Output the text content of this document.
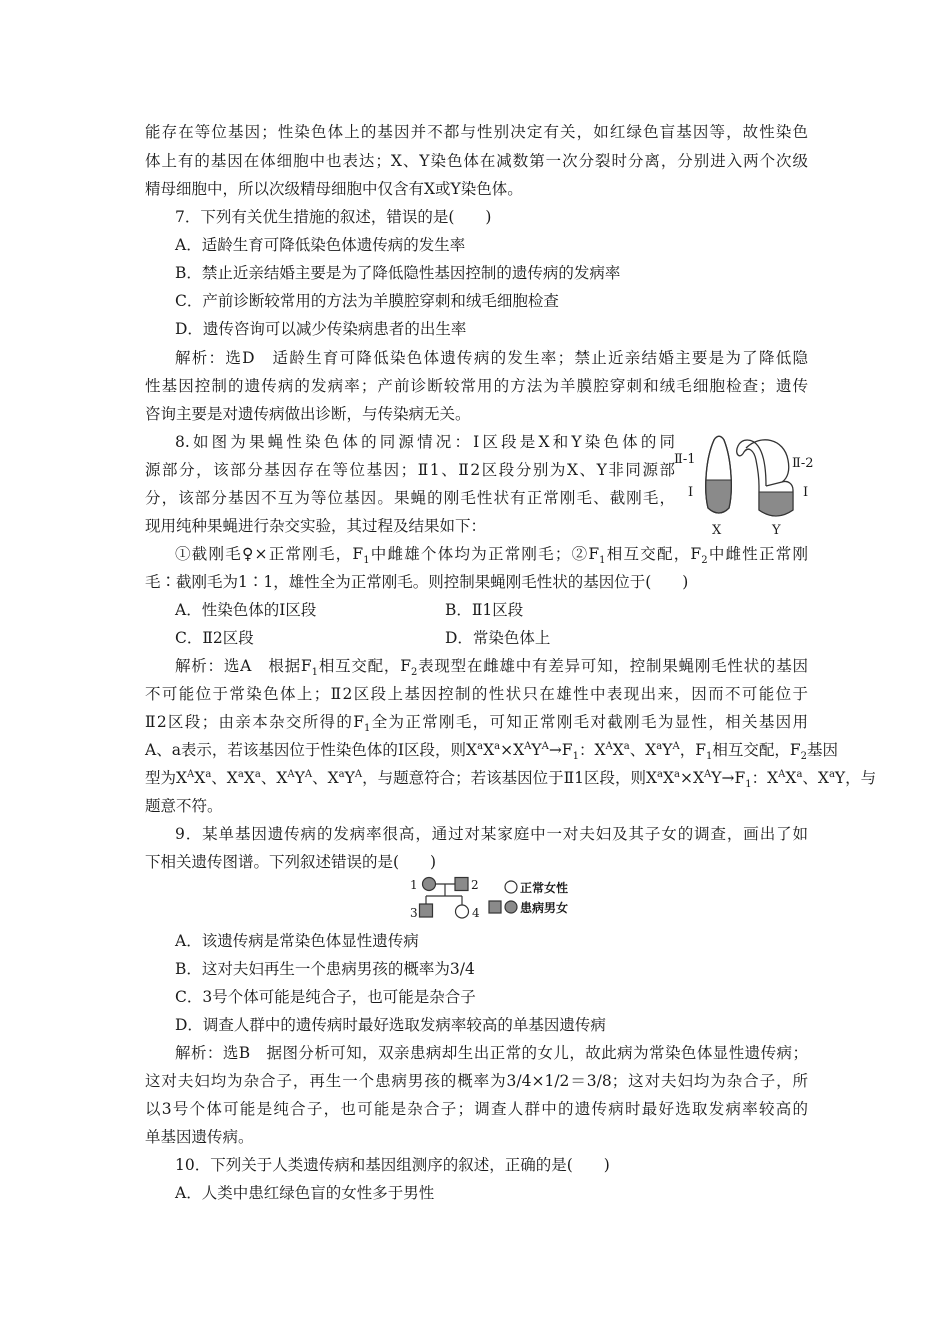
能存在等位基因；性染色体上的基因并不都与性别决定有关，如红绿色盲基因等，故性染色
体上有的基因在体细胞中也表达；X、Y染色体在减数第一次分裂时分离，分别进入两个次级
精母细胞中，所以次级精母细胞中仅含有X或Y染色体。
7．下列有关优生措施的叙述，错误的是(　　)
A．适龄生育可降低染色体遗传病的发生率
B．禁止近亲结婚主要是为了降低隐性基因控制的遗传病的发病率
C．产前诊断较常用的方法为羊膜腔穿刺和绒毛细胞检查
D．遗传咨询可以减少传染病患者的出生率
解析：选D　适龄生育可降低染色体遗传病的发生率；禁止近亲结婚主要是为了降低隐
性基因控制的遗传病的发病率；产前诊断较常用的方法为羊膜腔穿刺和绒毛细胞检查；遗传
咨询主要是对遗传病做出诊断，与传染病无关。
8.如图为果蝇性染色体的同源情况：Ⅰ区段是X和Y染色体的同
源部分，该部分基因存在等位基因；Ⅱ1、Ⅱ2区段分别为X、Y非同源部
分，该部分基因不互为等位基因。果蝇的刚毛性状有正常刚毛、截刚毛，
现用纯种果蝇进行杂交实验，其过程及结果如下：
Ⅱ-1	Ⅱ-2
Ⅰ	Ⅰ
X	Y
①截刚毛♀×正常刚毛，$F_1$中雌雄个体均为正常刚毛；$②F_1$相互交配，$F_2$中雌性正常刚
毛∶截刚毛为1∶1，雄性全为正常刚毛。则控制果蝇刚毛性状的基因位于(　　)
A．性染色体的Ⅰ区段	B．Ⅱ1区段
C．Ⅱ2区段	D．常染色体上
解析：选A　根据$F_1$相互交配，$F_2$表现型在雌雄中有差异可知，控制果蝇刚毛性状的基因
不可能位于常染色体上；Ⅱ2区段上基因控制的性状只在雄性中表现出来，因而不可能位于
Ⅱ2区段；由亲本杂交所得的$F_1$全为正常刚毛，可知正常刚毛对截刚毛为显性，相关基因用
A、a表示，若该基因位于性染色体的Ⅰ区段，则$X^aX^a\times X^AY^A\to F_1$：$X^AX^a$、$X^aY^A$，$F_1$相互交配，$F_2$基因
型为$X^AX^a$、$X^aX^a$、$X^AY^A$、$X^aY^A$，与题意符合；若该基因位于Ⅱ1区段，则$X^aX^a\times X^AY\to F_1$：$X^AX^a$、$X^aY$，与
题意不符。
9．某单基因遗传病的发病率很高，通过对某家庭中一对夫妇及其子女的调查，画出了如
下相关遗传图谱。下列叙述错误的是(　　)
1	2
3	4
正常女性
患病男女
A．该遗传病是常染色体显性遗传病
B．这对夫妇再生一个患病男孩的概率为3/4
C．3号个体可能是纯合子，也可能是杂合子
D．调查人群中的遗传病时最好选取发病率较高的单基因遗传病
解析：选B　据图分析可知，双亲患病却生出正常的女儿，故此病为常染色体显性遗传病；
这对夫妇均为杂合子，再生一个患病男孩的概率为3/4×1/2＝3/8；这对夫妇均为杂合子，所
以3号个体可能是纯合子，也可能是杂合子；调查人群中的遗传病时最好选取发病率较高的
单基因遗传病。
10．下列关于人类遗传病和基因组测序的叙述，正确的是(　　)
A．人类中患红绿色盲的女性多于男性
